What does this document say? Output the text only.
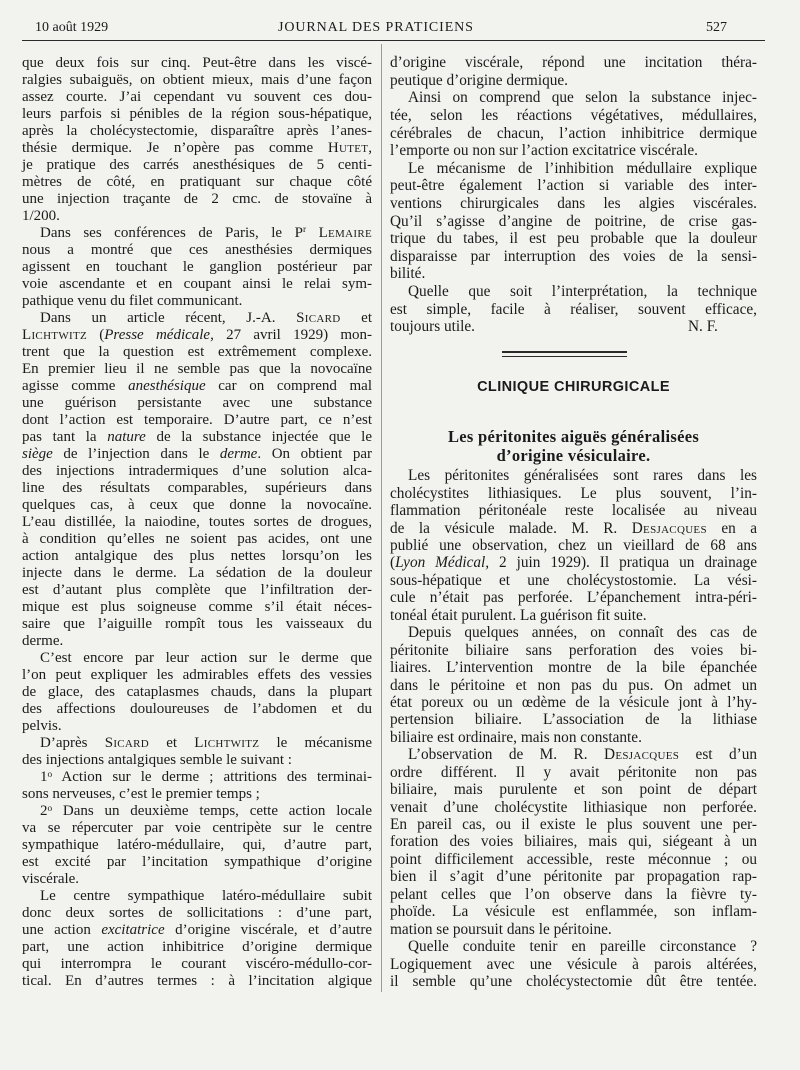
10 août 1929	JOURNAL DES PRATICIENS	527
que deux fois sur cinq. Peut-être dans les viscé-
ralgies subaiguës, on obtient mieux, mais d’une façon
assez courte. J’ai cependant vu souvent ces dou-
leurs parfois si pénibles de la région sous-hépatique,
après la cholécystectomie, disparaître après l’anes-
thésie dermique. Je n’opère pas comme Hutet,
je pratique des carrés anesthésiques de 5 centi-
mètres de côté, en pratiquant sur chaque côté
une injection traçante de 2 cmc. de stovaïne à
1/200.
Dans ses conférences de Paris, le $P^r$ Lemaire
nous a montré que ces anesthésies dermiques
agissent en touchant le ganglion postérieur par
voie ascendante et en coupant ainsi le relai sym-
pathique venu du filet communicant.
Dans un article récent, J.-A. Sicard et
Lichtwitz (Presse médicale, 27 avril 1929) mon-
trent que la question est extrêmement complexe.
En premier lieu il ne semble pas que la novocaïne
agisse comme anesthésique car on comprend mal
une guérison persistante avec une substance
dont l’action est temporaire. D’autre part, ce n’est
pas tant la nature de la substance injectée que le
siège de l’injection dans le derme. On obtient par
des injections intradermiques d’une solution alca-
line des résultats comparables, supérieurs dans
quelques cas, à ceux que donne la novocaïne.
L’eau distillée, la naiodine, toutes sortes de drogues,
à condition qu’elles ne soient pas acides, ont une
action antalgique des plus nettes lorsqu’on les
injecte dans le derme. La sédation de la douleur
est d’autant plus complète que l’infiltration der-
mique est plus soigneuse comme s’il était néces-
saire que l’aiguille rompît tous les vaisseaux du
derme.
C’est encore par leur action sur le derme que
l’on peut expliquer les admirables effets des vessies
de glace, des cataplasmes chauds, dans la plupart
des affections douloureuses de l’abdomen et du
pelvis.
D’après Sicard et Lichtwitz le mécanisme
des injections antalgiques semble le suivant :
1$^o$ Action sur le derme ; attritions des terminai-
sons nerveuses, c’est le premier temps ;
2$^o$ Dans un deuxième temps, cette action locale
va se répercuter par voie centripète sur le centre
sympathique latéro-médullaire, qui, d’autre part,
est excité par l’incitation sympathique d’origine
viscérale.
Le centre sympathique latéro-médullaire subit
donc deux sortes de sollicitations : d’une part,
une action excitatrice d’origine viscérale, et d’autre
part, une action inhibitrice d’origine dermique
qui interrompra le courant viscéro-médullo-cor-
tical. En d’autres termes : à l’incitation algique
d’origine viscérale, répond une incitation théra-
peutique d’origine dermique.
Ainsi on comprend que selon la substance injec-
tée, selon les réactions végétatives, médullaires,
cérébrales de chacun, l’action inhibitrice dermique
l’emporte ou non sur l’action excitatrice viscérale.
Le mécanisme de l’inhibition médullaire explique
peut-être également l’action si variable des inter-
ventions chirurgicales dans les algies viscérales.
Qu’il s’agisse d’angine de poitrine, de crise gas-
trique du tabes, il est peu probable que la douleur
disparaisse par interruption des voies de la sensi-
bilité.
Quelle que soit l’interprétation, la technique
est simple, facile à réaliser, souvent efficace,
toujours utile.	N. F.
CLINIQUE CHIRURGICALE
Les péritonites aiguës généralisées
d’origine vésiculaire.
Les péritonites généralisées sont rares dans les
cholécystites lithiasiques. Le plus souvent, l’in-
flammation péritonéale reste localisée au niveau
de la vésicule malade. M. R. Desjacques en a
publié une observation, chez un vieillard de 68 ans
(Lyon Médical, 2 juin 1929). Il pratiqua un drainage
sous-hépatique et une cholécystostomie. La vési-
cule n’était pas perforée. L’épanchement intra-péri-
tonéal était purulent. La guérison fit suite.
Depuis quelques années, on connaît des cas de
péritonite biliaire sans perforation des voies bi-
liaires. L’intervention montre de la bile épanchée
dans le péritoine et non pas du pus. On admet un
état poreux ou un œdème de la vésicule jont à l’hy-
pertension biliaire. L’association de la lithiase
biliaire est ordinaire, mais non constante.
L’observation de M. R. Desjacques est d’un
ordre différent. Il y avait péritonite non pas
biliaire, mais purulente et son point de départ
venait d’une cholécystite lithiasique non perforée.
En pareil cas, ou il existe le plus souvent une per-
foration des voies biliaires, mais qui, siégeant à un
point difficilement accessible, reste méconnue ; ou
bien il s’agit d’une péritonite par propagation rap-
pelant celles que l’on observe dans la fièvre ty-
phoïde. La vésicule est enflammée, son inflam-
mation se poursuit dans le péritoine.
Quelle conduite tenir en pareille circonstance ?
Logiquement avec une vésicule à parois altérées,
il semble qu’une cholécystectomie dût être tentée.
